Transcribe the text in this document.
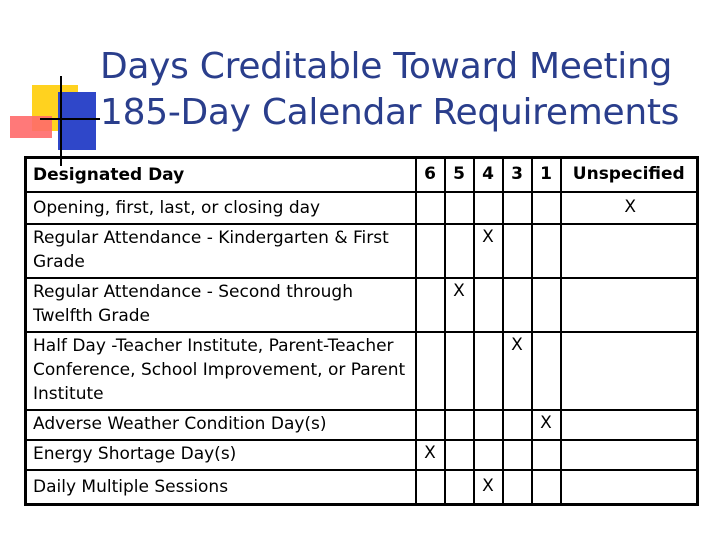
Days Creditable Toward Meeting
185-Day Calendar Requirements
Designated Day	6	5	4	3	1	Unspecified
Opening, first, last, or closing day						X
Regular Attendance - Kindergarten & First Grade			X			
Regular Attendance - Second through Twelfth Grade		X				
Half Day -Teacher Institute, Parent-Teacher Conference, School Improvement, or Parent Institute				X		
Adverse Weather Condition Day(s)					X	
Energy Shortage Day(s)	X					
Daily Multiple Sessions			X			
